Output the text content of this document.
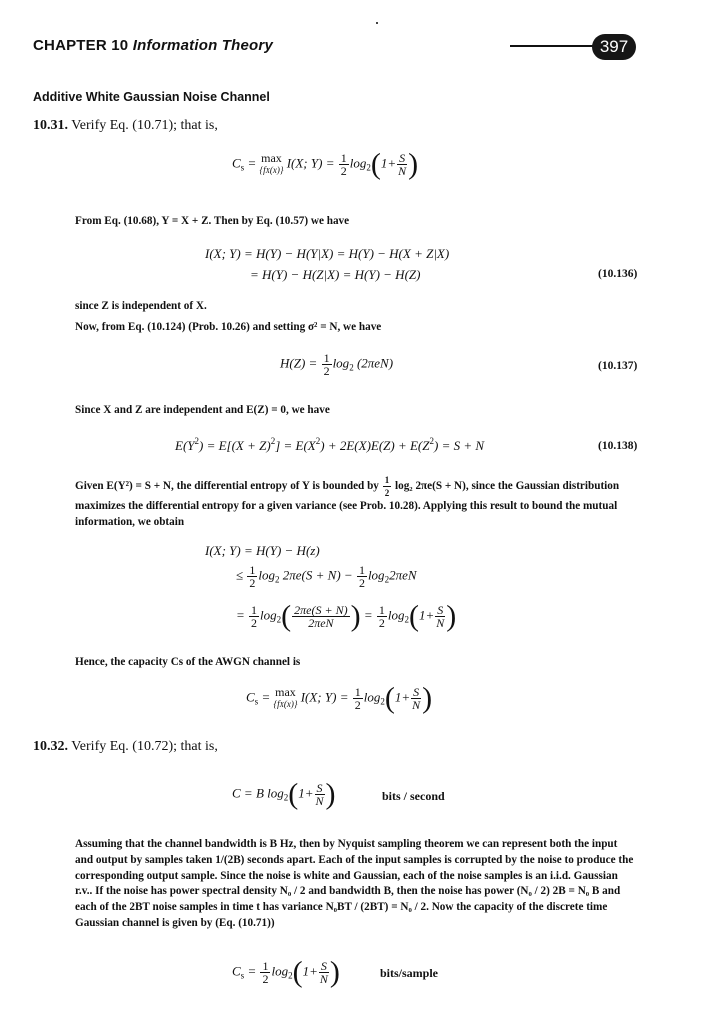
CHAPTER 10 Information Theory	397
Additive White Gaussian Noise Channel
10.31. Verify Eq. (10.71); that is,
$C_s = \max$
{fX(x)} I(X; $Y) = \frac{1}{2} \log_2(1+ \frac{S}{N}$ )
From Eq. (10.68), Y = X + Z. Then by Eq. (10.57) we have
I(X; Y) = H(Y) − H(Y|X) = H(Y) − H(X + Z|X)
= H(Y) − H(Z|X) = H(Y) − H(Z)	(10.136)
since Z is independent of X.
Now, from Eq. (10.124) (Prob. 10.26) and setting σ² = N, we have
$H(Z) = \frac{1}{2} \log_2 (2\pi eN)$	(10.137)
Since X and Z are independent and E(Z) = 0, we have
$E(Y^2) = E[(X + Z)^2] = E(X^2) + 2E(X)E(Z) + E(Z^2) = S + N$	(10.138)
Given E(Y²) = S + N, the differential entropy of Y is bounded by $\frac{1}{2} \log_2$ 2πe(S + N), since the Gaussian distribution maximizes the differential entropy for a given variance (see Prob. 10.28). Applying this result to bound the mutual information, we obtain
I(X; Y) = H(Y) − H(z)
≤ $\frac{1}{2} \log_2 2\pi e(S + N) - \frac{1}{2} \log_22\pi eN$
= $\frac{1}{2} \log_2( \frac{2\pi e(S + N)}{\text{2πeN}}$ ) = $\frac{1}{2} \log_2(1+ \frac{S}{N}$ )
Hence, the capacity Cs of the AWGN channel is
$C_s = \max$
{fX(x)} I(X; $Y) = \frac{1}{2} \log_2(1+ \frac{S}{N}$ )
10.32. Verify Eq. (10.72); that is,
C = B $\log_2(1+ \frac{S}{N}$ )	bits / second
Assuming that the channel bandwidth is B Hz, then by Nyquist sampling theorem we can represent both the input and output by samples taken 1/(2B) seconds apart. Each of the input samples is corrupted by the noise to produce the corresponding output sample. Since the noise is white and Gaussian, each of the noise samples is an i.i.d. Gaussian r.v.. If the noise has power spectral density N₀ / 2 and bandwidth B, then the noise has power (N₀ / 2) 2B = N₀ B and each of the 2BT noise samples in time t has variance N₀BT / (2BT) = N₀ / 2. Now the capacity of the discrete time Gaussian channel is given by (Eq. (10.71))
$C_s = \frac{1}{2} \log_2(1+ \frac{S}{N}$ )	bits/sample
